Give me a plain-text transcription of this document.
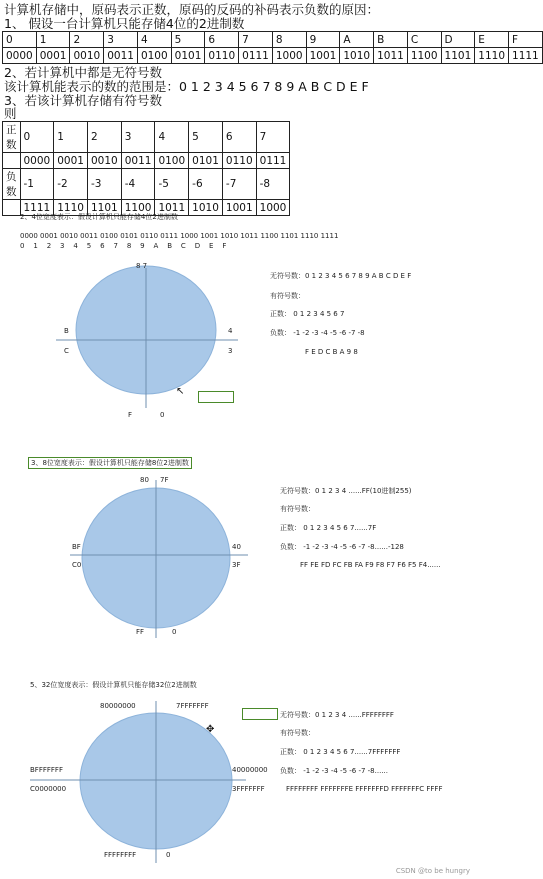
计算机存储中，原码表示正数，原码的反码的补码表示负数的原因：
1、 假设一台计算机只能存储4位的2进制数
0	1	2	3	4	5	6	7	8	9	A	B	C	D	E	F
0000	0001	0010	0011	0100	0101	0110	0111	1000	1001	1010	1011	1100	1101	1110	1111
2、若计算机中都是无符号数
该计算机能表示的数的范围是：0 1 2 3 4 5 6 7 8 9 A B C D E F
3、若该计算机存储有符号数
则
正数	0	1	2	3	4	5	6	7
	0000	0001	0010	0011	0100	0101	0110	0111
负数	-1	-2	-3	-4	-5	-6	-7	-8
	1111	1110	1101	1100	1011	1010	1001	1000
2、4位宽度表示：假设计算机只能存储4位2进制数
0000 0001 0010 0011 0100 0101 0110 0111 1000 1001 1010 1011 1100 1101 1110 1111
0    1    2    3    4    5    6    7    8    9    A    B    C    D    E    F
8 7
B
C
4
3
F	0
↖
无符号数：0 1 2 3 4 5 6 7 8 9 A B C D E F
有符号数：
正数： 0 1 2 3 4 5 6 7
负数： -1 -2 -3 -4 -5 -6 -7 -8
F E D C B A 9 8
3、8位宽度表示：假设计算机只能存储8位2进制数
80 7F
BF
C0
40
3F
FF	0
无符号数：0 1 2 3 4 ......FF(10进制255)
有符号数：
正数： 0 1 2 3 4 5 6 7......7F
负数： -1 -2 -3 -4 -5 -6 -7 -8......-128
FF FE FD FC FB FA F9 F8 F7 F6 F5 F4......
5、32位宽度表示：假设计算机只能存储32位2进制数
80000000	7FFFFFFF
BFFFFFFF
C0000000
40000000
3FFFFFFF
FFFFFFFF	0
✥
无符号数：0 1 2 3 4 ......FFFFFFFF
有符号数：
正数： 0 1 2 3 4 5 6 7......7FFFFFFF
负数： -1 -2 -3 -4 -5 -6 -7 -8......
FFFFFFFF FFFFFFFE FFFFFFFD FFFFFFFC FFFF
CSDN @to be hungry
